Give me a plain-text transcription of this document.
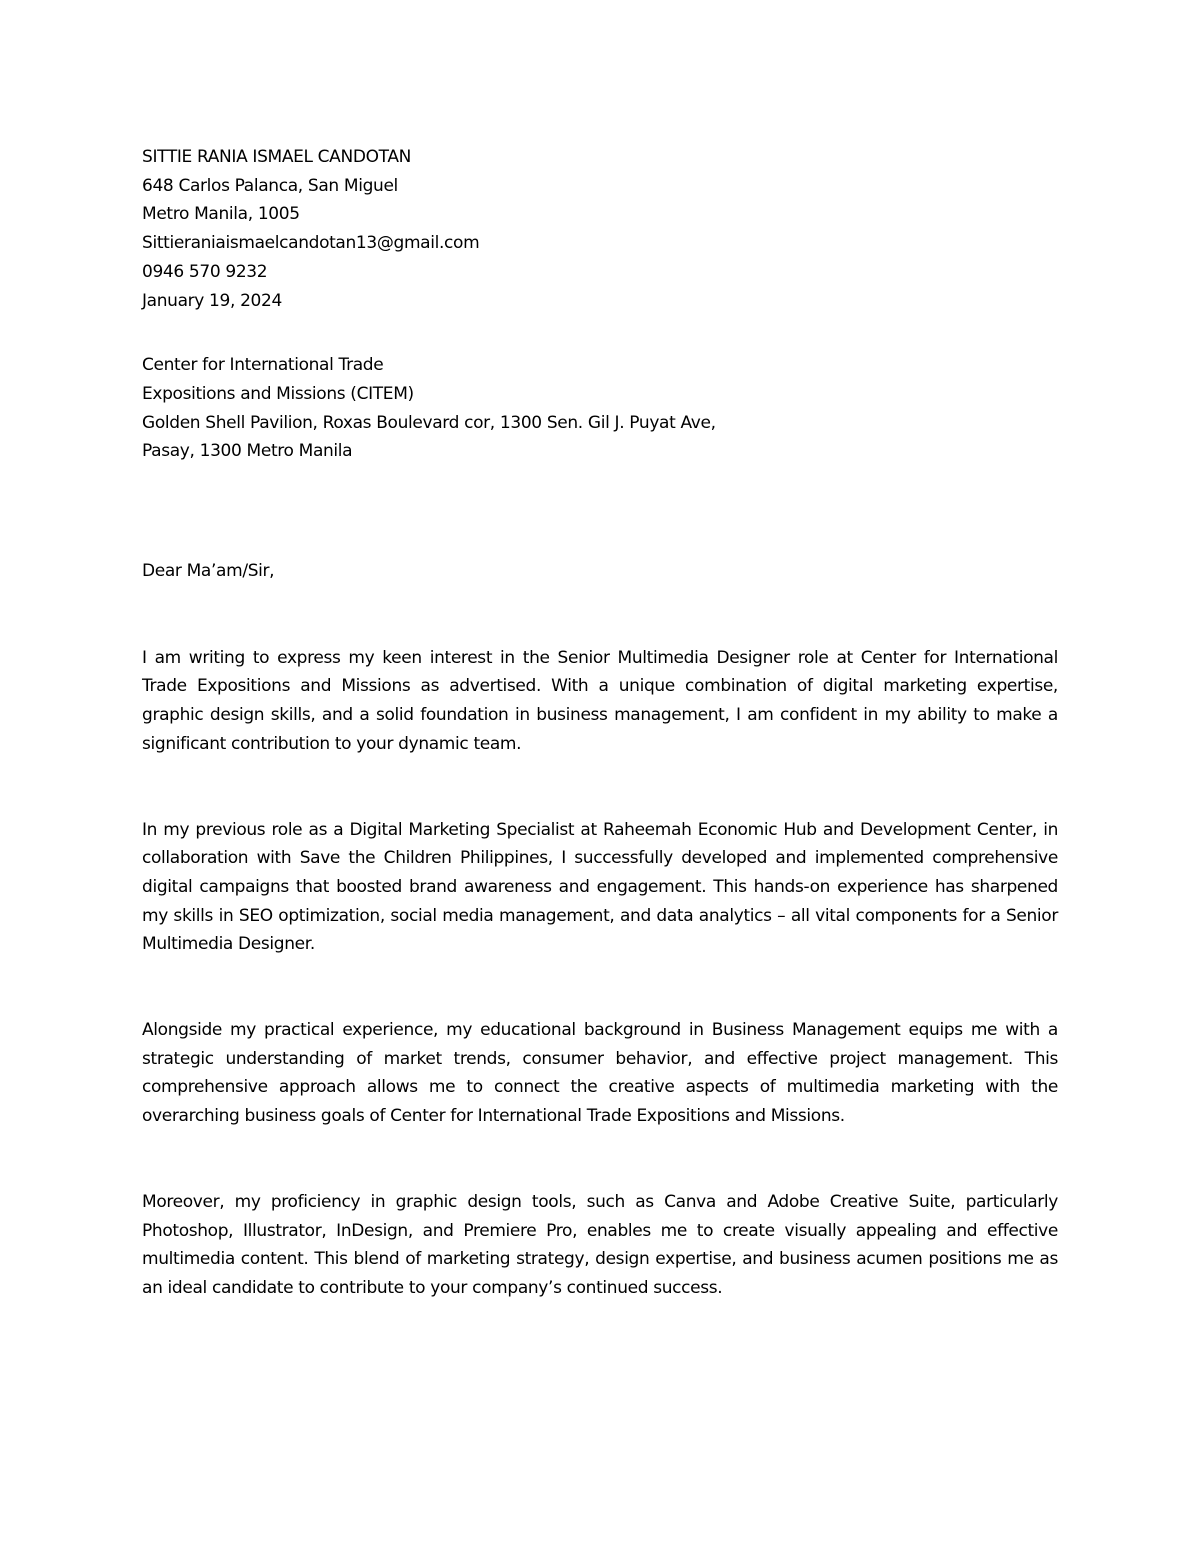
SITTIE RANIA ISMAEL CANDOTAN
648 Carlos Palanca, San Miguel
Metro Manila, 1005
Sittieraniaismaelcandotan13@gmail.com
0946 570 9232
January 19, 2024
Center for International Trade
Expositions and Missions (CITEM)
Golden Shell Pavilion, Roxas Boulevard cor, 1300 Sen. Gil J. Puyat Ave,
Pasay, 1300 Metro Manila
Dear Ma’am/Sir,

I am writing to express my keen interest in the Senior Multimedia Designer role at Center for International Trade Expositions and Missions as advertised. With a unique combination of digital marketing expertise, graphic design skills, and a solid foundation in business management, I am confident in my ability to make a significant contribution to your dynamic team.

In my previous role as a Digital Marketing Specialist at Raheemah Economic Hub and Development Center, in collaboration with Save the Children Philippines, I successfully developed and implemented comprehensive digital campaigns that boosted brand awareness and engagement. This hands-on experience has sharpened my skills in SEO optimization, social media management, and data analytics – all vital components for a Senior Multimedia Designer.

Alongside my practical experience, my educational background in Business Management equips me with a strategic understanding of market trends, consumer behavior, and effective project management. This comprehensive approach allows me to connect the creative aspects of multimedia marketing with the overarching business goals of Center for International Trade Expositions and Missions.

Moreover, my proficiency in graphic design tools, such as Canva and Adobe Creative Suite, particularly Photoshop, Illustrator, InDesign, and Premiere Pro, enables me to create visually appealing and effective multimedia content. This blend of marketing strategy, design expertise, and business acumen positions me as an ideal candidate to contribute to your company’s continued success.
